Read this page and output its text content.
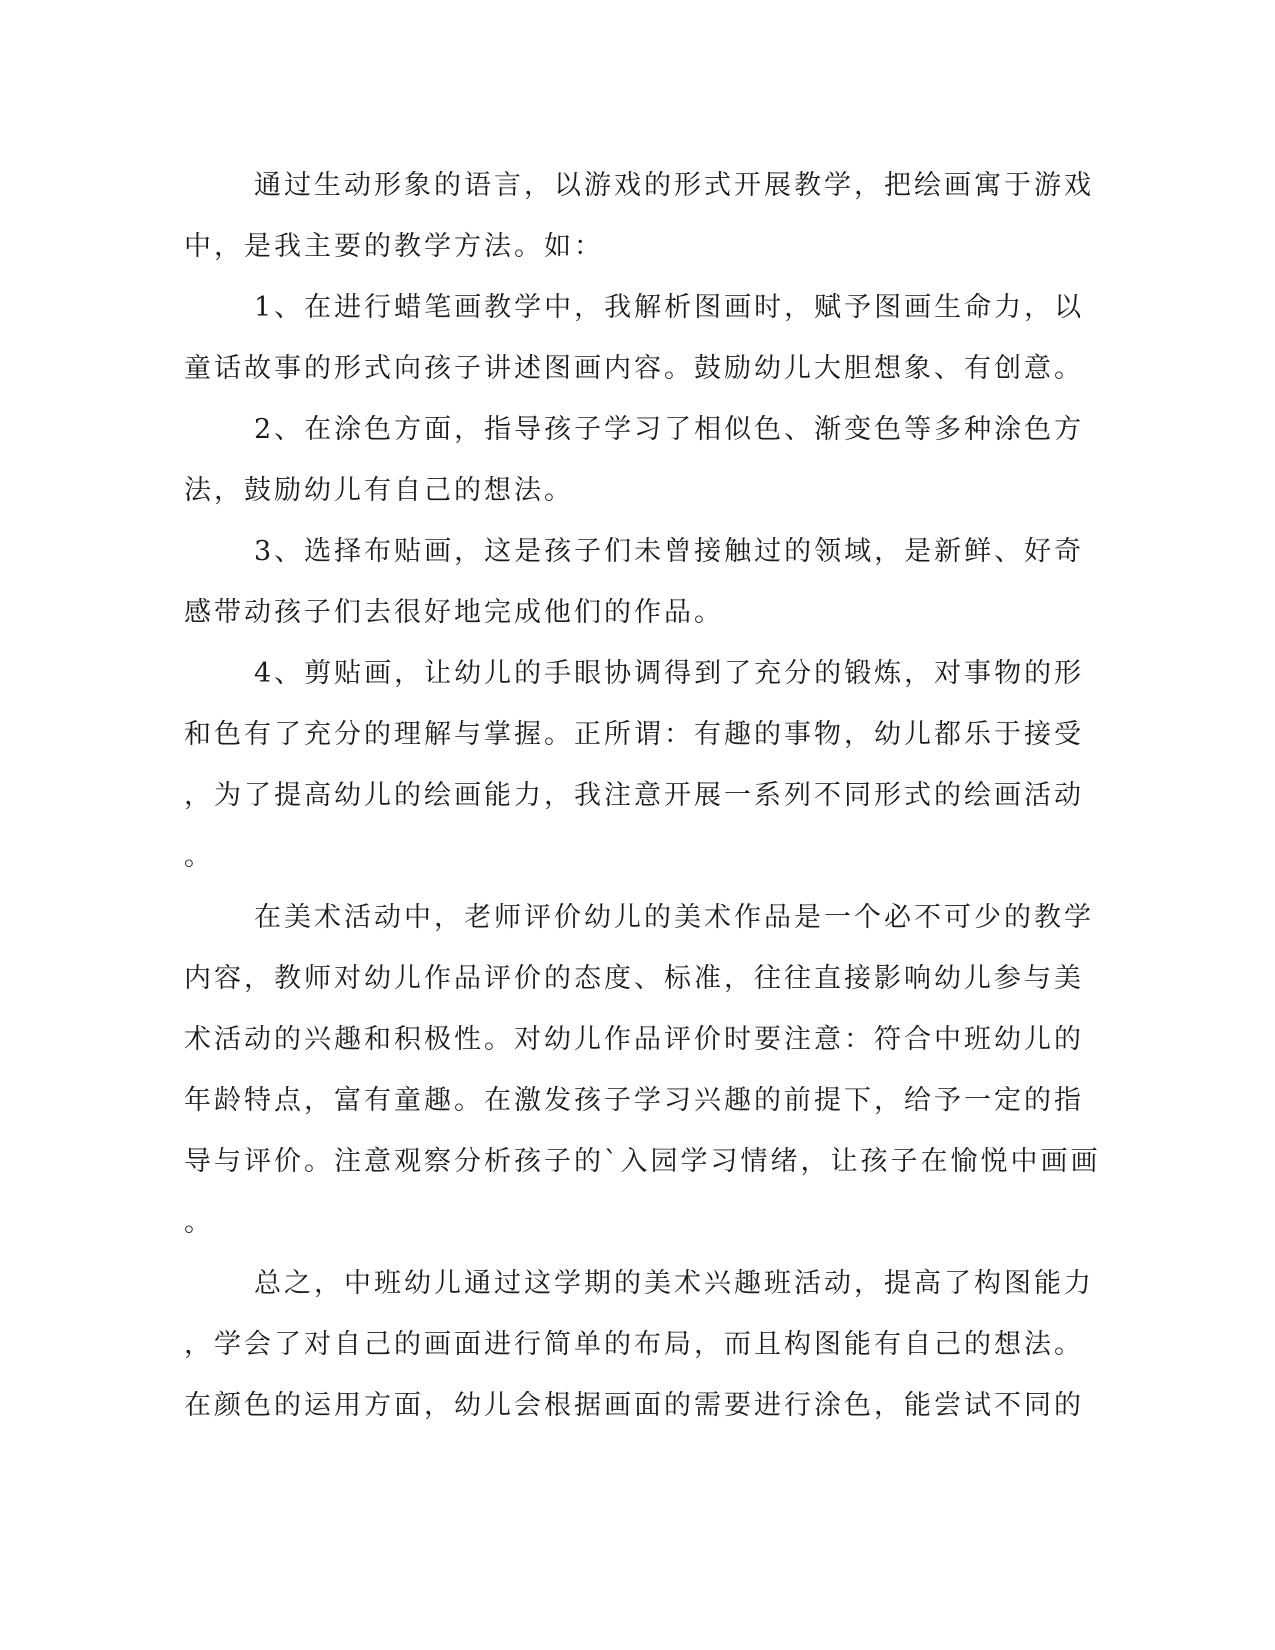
通过生动形象的语言，以游戏的形式开展教学，把绘画寓于游戏
中，是我主要的教学方法。如：
1、在进行蜡笔画教学中，我解析图画时，赋予图画生命力，以
童话故事的形式向孩子讲述图画内容。鼓励幼儿大胆想象、有创意。
2、在涂色方面，指导孩子学习了相似色、渐变色等多种涂色方
法，鼓励幼儿有自己的想法。
3、选择布贴画，这是孩子们未曾接触过的领域，是新鲜、好奇
感带动孩子们去很好地完成他们的作品。
4、剪贴画，让幼儿的手眼协调得到了充分的锻炼，对事物的形
和色有了充分的理解与掌握。正所谓：有趣的事物，幼儿都乐于接受
，为了提高幼儿的绘画能力，我注意开展一系列不同形式的绘画活动
。
在美术活动中，老师评价幼儿的美术作品是一个必不可少的教学
内容，教师对幼儿作品评价的态度、标准，往往直接影响幼儿参与美
术活动的兴趣和积极性。对幼儿作品评价时要注意：符合中班幼儿的
年龄特点，富有童趣。在激发孩子学习兴趣的前提下，给予一定的指
导与评价。注意观察分析孩子的`入园学习情绪，让孩子在愉悦中画画
。
总之，中班幼儿通过这学期的美术兴趣班活动，提高了构图能力
，学会了对自己的画面进行简单的布局，而且构图能有自己的想法。
在颜色的运用方面，幼儿会根据画面的需要进行涂色，能尝试不同的
